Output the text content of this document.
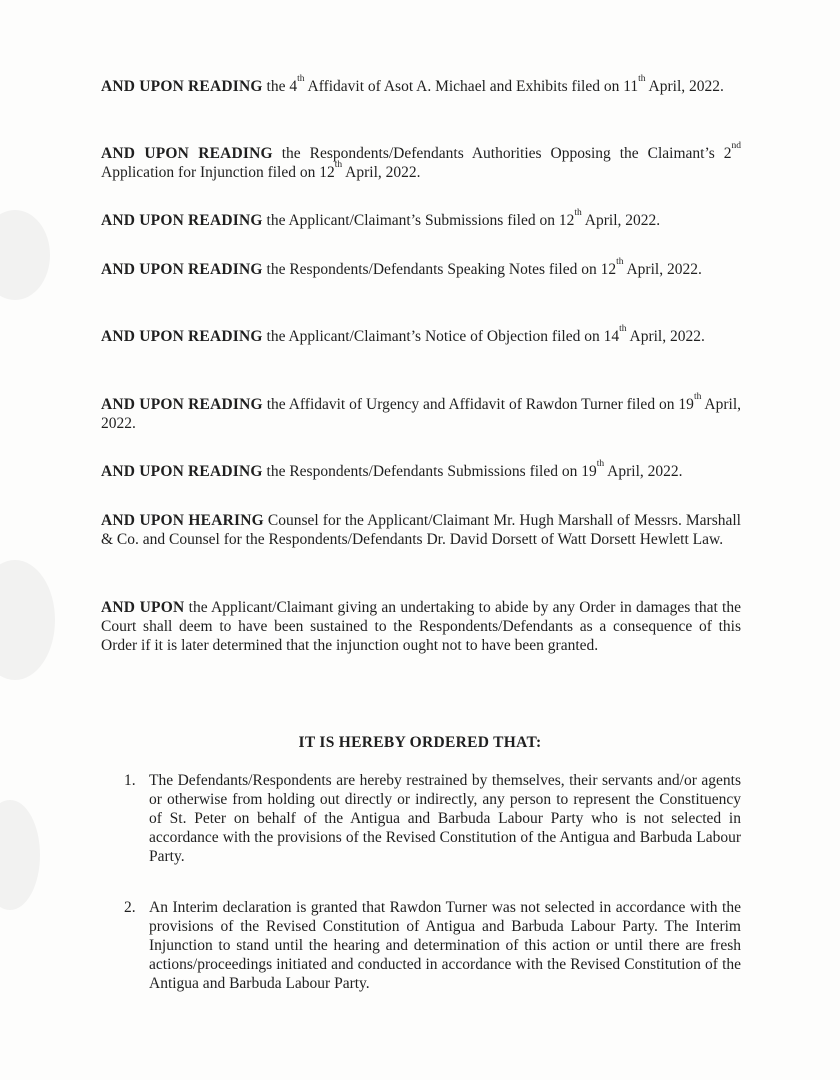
AND UPON READING the 4th Affidavit of Asot A. Michael and Exhibits filed on 11th April, 2022.

AND UPON READING the Respondents/Defendants Authorities Opposing the Claimant’s 2nd Application for Injunction filed on 12th April, 2022.

AND UPON READING the Applicant/Claimant’s Submissions filed on 12th April, 2022.

AND UPON READING the Respondents/Defendants Speaking Notes filed on 12th April, 2022.

AND UPON READING the Applicant/Claimant’s Notice of Objection filed on 14th April, 2022.

AND UPON READING the Affidavit of Urgency and Affidavit of Rawdon Turner filed on 19th April, 2022.

AND UPON READING the Respondents/Defendants Submissions filed on 19th April, 2022.

AND UPON HEARING Counsel for the Applicant/Claimant Mr. Hugh Marshall of Messrs. Marshall & Co. and Counsel for the Respondents/Defendants Dr. David Dorsett of Watt Dorsett Hewlett Law.

AND UPON the Applicant/Claimant giving an undertaking to abide by any Order in damages that the Court shall deem to have been sustained to the Respondents/Defendants as a consequence of this Order if it is later determined that the injunction ought not to have been granted.

IT IS HEREBY ORDERED THAT:
1. The Defendants/Respondents are hereby restrained by themselves, their servants and/or agents or otherwise from holding out directly or indirectly, any person to represent the Constituency of St. Peter on behalf of the Antigua and Barbuda Labour Party who is not selected in accordance with the provisions of the Revised Constitution of the Antigua and Barbuda Labour Party.
2. An Interim declaration is granted that Rawdon Turner was not selected in accordance with the provisions of the Revised Constitution of Antigua and Barbuda Labour Party. The Interim Injunction to stand until the hearing and determination of this action or until there are fresh actions/proceedings initiated and conducted in accordance with the Revised Constitution of the Antigua and Barbuda Labour Party.
